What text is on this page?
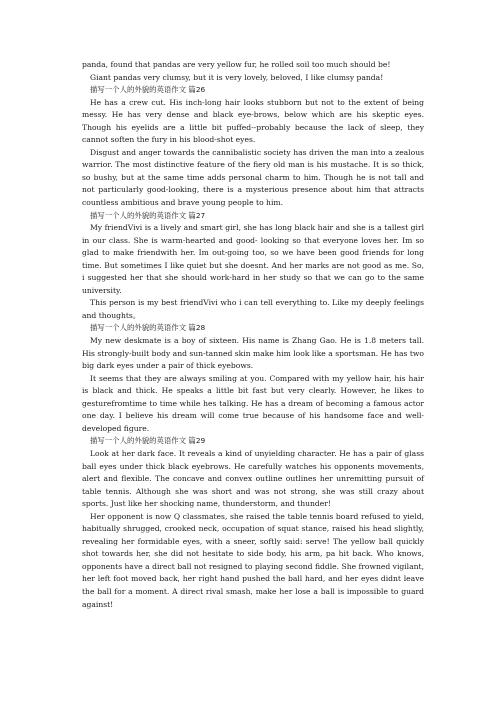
panda, found that pandas are very yellow fur, he rolled soil too much should be!

Giant pandas very clumsy, but it is very lovely, beloved, I like clumsy panda!

描写一个人的外貌的英语作文 篇26

He has a crew cut. His inch-long hair looks stubborn but not to the extent of being messy. He has very dense and black eye-brows, below which are his skeptic eyes. Though his eyelids are a little bit puffed--probably because the lack of sleep, they cannot soften the fury in his blood-shot eyes.

Disgust and anger towards the cannibalistic society has driven the man into a zealous warrior. The most distinctive feature of the fiery old man is his mustache. It is so thick, so bushy, but at the same time adds personal charm to him. Though he is not tall and not particularly good-looking, there is a mysterious presence about him that attracts countless ambitious and brave young people to him.

描写一个人的外貌的英语作文 篇27

My friendVivi is a lively and smart girl, she has long black hair and she is a tallest girl in our class. She is warm-hearted and good- looking so that everyone loves her. Im so glad to make friendwith her. Im out-going too, so we have been good friends for long time. But sometimes I like quiet but she doesnt. And her marks are not good as me. So, i suggested her that she should work-hard in her study so that we can go to the same university.

This person is my best friendVivi who i can tell everything to. Like my deeply feelings and thoughts。

描写一个人的外貌的英语作文 篇28

My new deskmate is a boy of sixteen. His name is Zhang Gao. He is 1.8 meters tall. His strongly-built body and sun-tanned skin make him look like a sportsman. He has two big dark eyes under a pair of thick eyebows.

It seems that they are always smiling at you. Compared with my yellow hair, his hair is black and thick. He speaks a little bit fast but very clearly. However, he likes to gesturefromtime to time while hes talking. He has a dream of becoming a famous actor one day. I believe his dream will come true because of his handsome face and well-developed figure.

描写一个人的外貌的英语作文 篇29

Look at her dark face. It reveals a kind of unyielding character. He has a pair of glass ball eyes under thick black eyebrows. He carefully watches his opponents movements, alert and flexible. The concave and convex outline outlines her unremitting pursuit of table tennis. Although she was short and was not strong, she was still crazy about sports. Just like her shocking name, thunderstorm, and thunder!

Her opponent is now Q classmates, she raised the table tennis board refused to yield, habitually shrugged, crooked neck, occupation of squat stance, raised his head slightly, revealing her formidable eyes, with a sneer, softly said: serve! The yellow ball quickly shot towards her, she did not hesitate to side body, his arm, pa hit back. Who knows, opponents have a direct ball not resigned to playing second fiddle. She frowned vigilant, her left foot moved back, her right hand pushed the ball hard, and her eyes didnt leave the ball for a moment. A direct rival smash, make her lose a ball is impossible to guard against!
